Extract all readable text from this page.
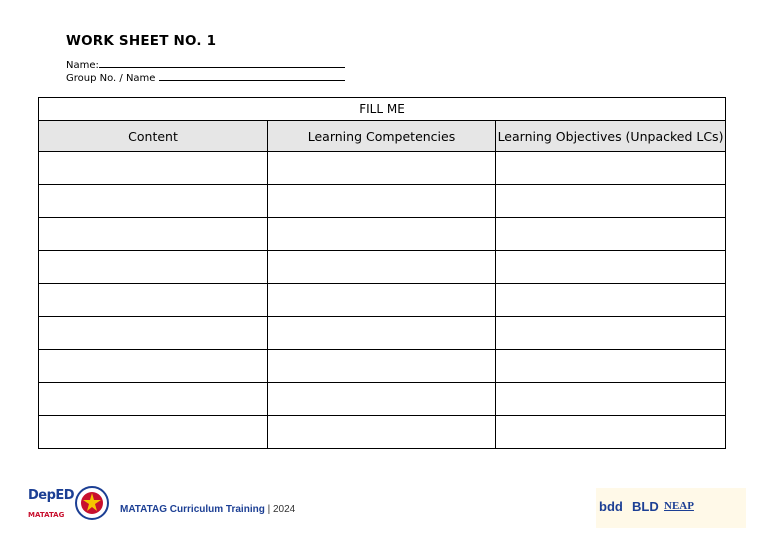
WORK SHEET NO. 1
Name:
Group No. / Name
FILL ME		
Content	Learning Competencies	Learning Objectives (Unpacked LCs)

DepED
MATATAG	MATATAG Curriculum Training | 2024	bdd BLD NEAP
